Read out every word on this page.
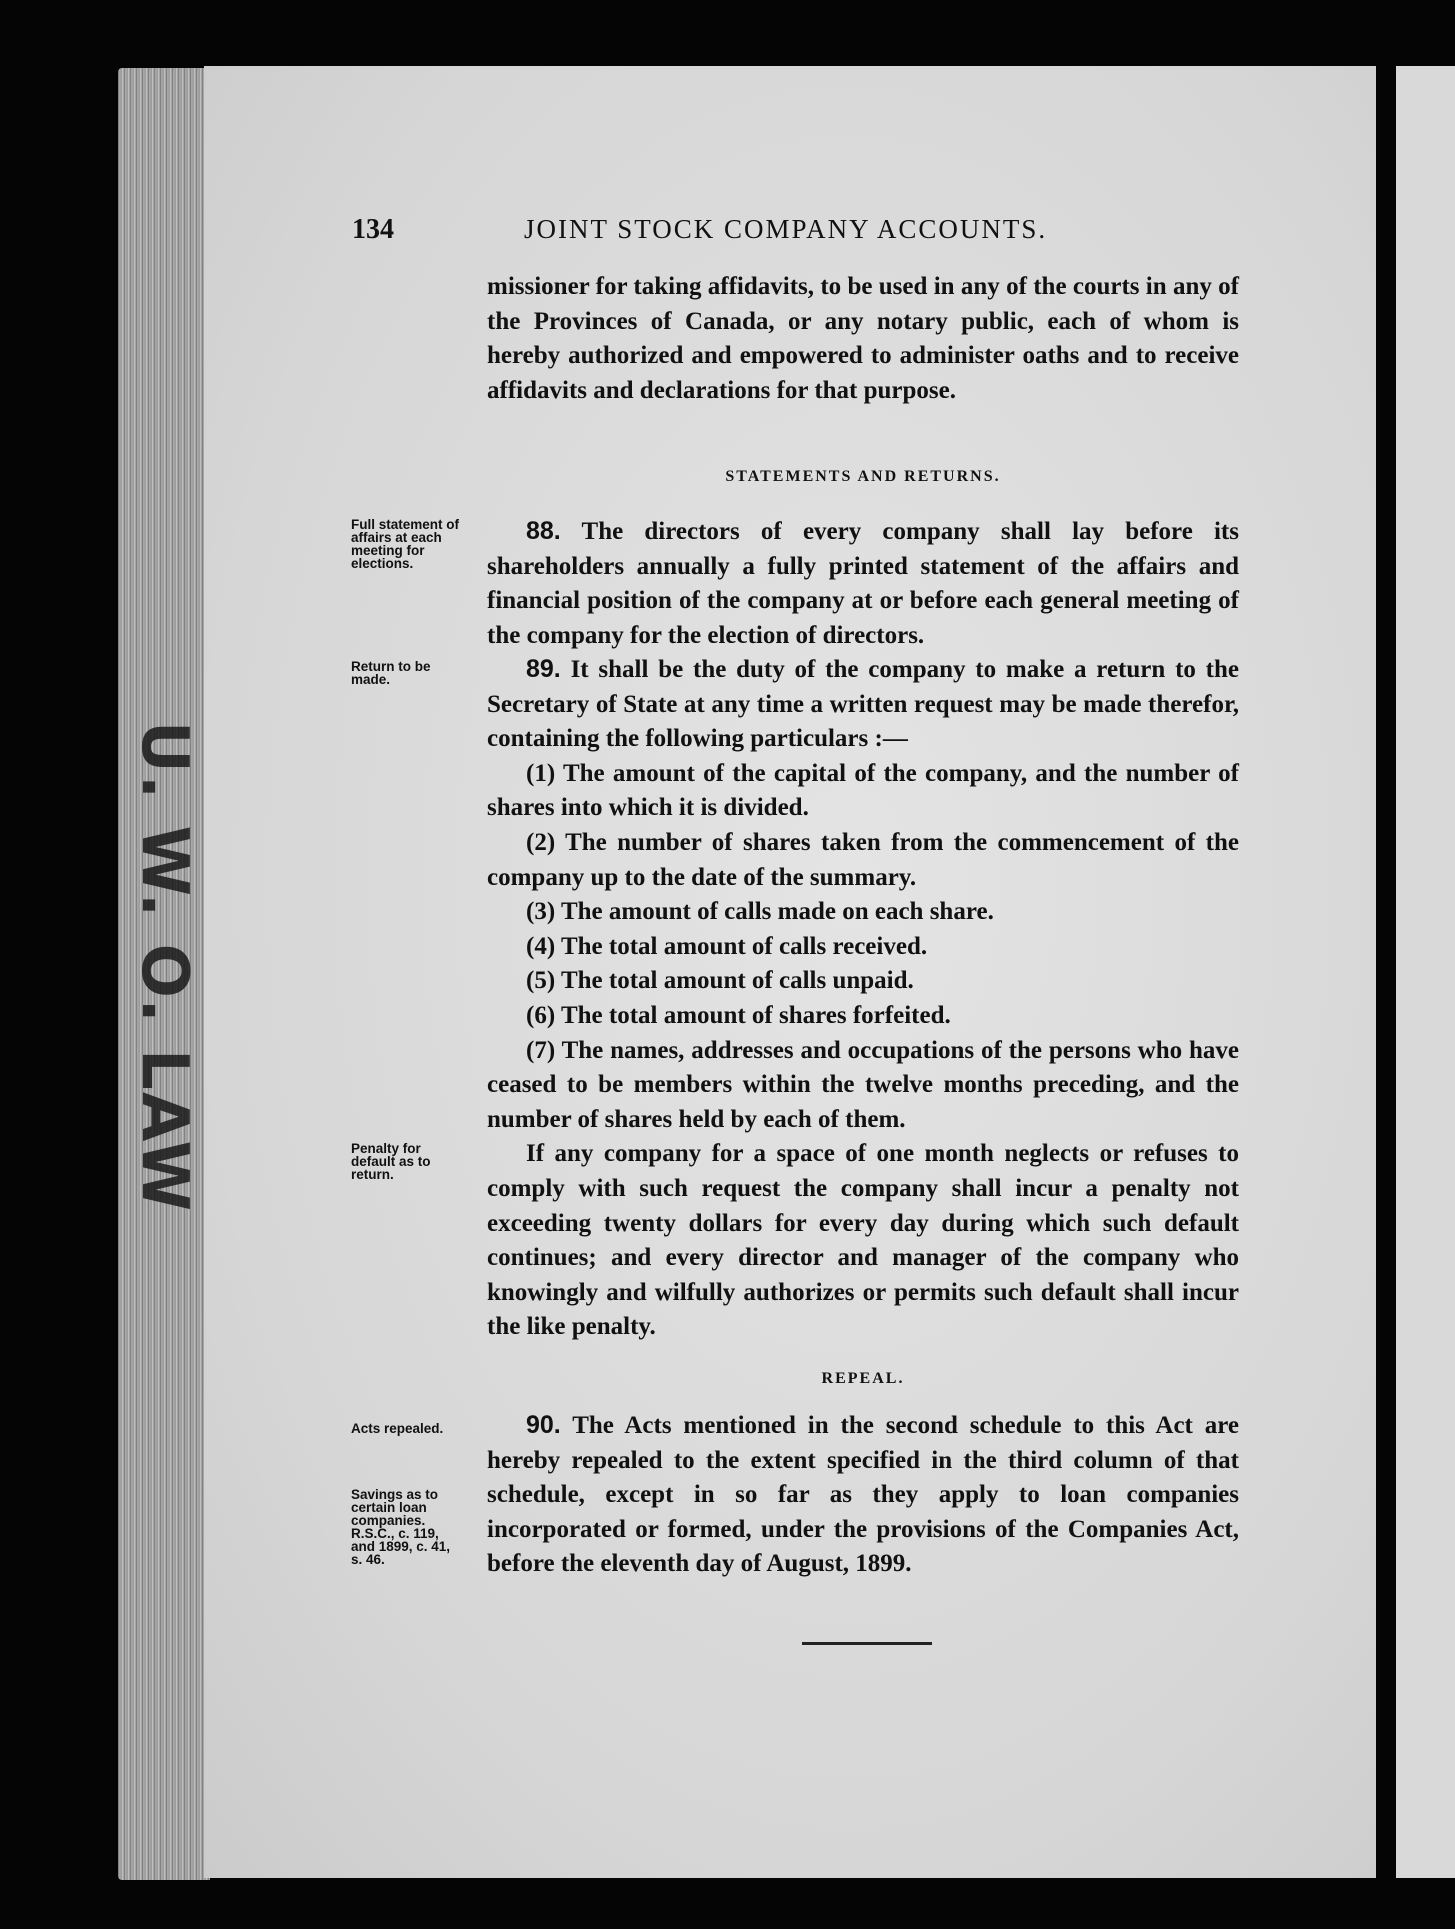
U. W. O. LAW
134	JOINT STOCK COMPANY ACCOUNTS.

missioner for taking affidavits, to be used in any of the courts in any of the Provinces of Canada, or any notary public, each of whom is hereby authorized and empowered to administer oaths and to receive affidavits and declarations for that purpose.

STATEMENTS AND RETURNS.

88. The directors of every company shall lay before its shareholders annually a fully printed statement of the affairs and financial position of the company at or before each general meeting of the company for the election of directors.

89. It shall be the duty of the company to make a return to the Secretary of State at any time a written request may be made therefor, containing the following particulars :—

(1) The amount of the capital of the company, and the number of shares into which it is divided.

(2) The number of shares taken from the commencement of the company up to the date of the summary.

(3) The amount of calls made on each share.

(4) The total amount of calls received.

(5) The total amount of calls unpaid.

(6) The total amount of shares forfeited.

(7) The names, addresses and occupations of the persons who have ceased to be members within the twelve months preceding, and the number of shares held by each of them.

If any company for a space of one month neglects or refuses to comply with such request the company shall incur a penalty not exceeding twenty dollars for every day during which such default continues; and every director and manager of the company who knowingly and wilfully authorizes or permits such default shall incur the like penalty.

REPEAL.

90. The Acts mentioned in the second schedule to this Act are hereby repealed to the extent specified in the third column of that schedule, except in so far as they apply to loan companies incorporated or formed, under the provisions of the Companies Act, before the eleventh day of August, 1899.

Full statement of affairs at each meeting for elections.
Return to be made.
Penalty for default as to return.
Acts repealed.
Savings as to certain loan companies. R.S.C., c. 119, and 1899, c. 41, s. 46.
